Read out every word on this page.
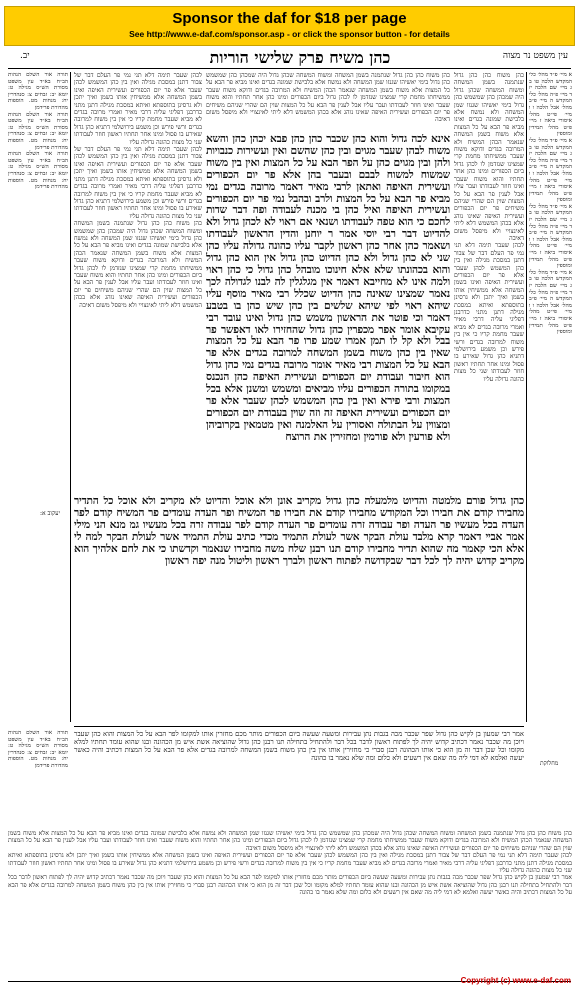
Sponsor the daf for $18 per page
See http://www.e-daf.com/sponsor.asp - or click the sponsor button - for details
כהן משיח פרק שלישי הוריות
יב.	עין משפט נר מצוה

תורה אור השלם הנהות הב״ח בא״ד עין משפט מסורת הש״ס מגילה ט: יומא יב: זבחים צ: סנהדרין יח: מנחות מט. הוספות מהדורת פרידמן

תורה אור השלם הנהות הב״ח בא״ד עין משפט מסורת הש״ס מגילה ט: יומא יב: זבחים צ: סנהדרין יח: מנחות מט. הוספות מהדורת פרידמן

תורה אור השלם הנהות הב״ח בא״ד עין משפט מסורת הש״ס מגילה ט: יומא יב: זבחים צ: סנהדרין יח: מנחות מט. הוספות מהדורת פרידמן

לכהן שעבר תימה דלא תני נמי פר העלם דבר של צבור דתנן במסכת מגילה ואין בין כהן המשמש לכהן שעבר אלא פר יום הכפורים ועשירית האיפה ואינו בשמן המשחה אלא ממשיחין אותו בשמן ואיך יתכן ולא גרסינן בתוספתא ואיתא במסכת מגילה דתנן מתני כדרבנן דפליגי עליה דרבי מאיר ואמרי מרובה בגדים לא מביא שעבר מחמת קריו כי אין בין משוח למרובה בגדים ורשי פירש וכן משמע בירושלמי דתניא כהן גדול שאירע בו פסול ומינו אחר תחתיו ראשון חוזר לעבודתו שני כל מצות כהונה גדולה עליו

לכהן שעבר תימה דלא תני נמי פר העלם דבר של צבור דתנן במסכת מגילה ואין בין כהן המשמש לכהן שעבר אלא פר יום הכפורים ועשירית האיפה ואינו בשמן המשחה אלא ממשיחין אותו בשמן ואיך יתכן ולא גרסינן בתוספתא ואיתא במסכת מגילה דתנן מתני כדרבנן דפליגי עליה דרבי מאיר ואמרי מרובה בגדים לא מביא שעבר מחמת קריו כי אין בין משוח למרובה בגדים ורשי פירש וכן משמע בירושלמי דתניא כהן גדול שאירע בו פסול ומינו אחר תחתיו ראשון חוזר לעבודתו שני כל מצות כהונה גדולה עליו

כהן משוח כהן כהן גדול שנתמנה בשמן המשחה ומשוח המשחה שכהן גדול היה שמכהן כהן שמשמש כהן גדול בימי יאשיהו שגנזו שמן המשחה ולא נמשח אלא בלבישת שמונה בגדים ואינו מביא פר הבא על כל המצות אלא משוח בשמן המשחה שנאמר הכהן המשיח ולא המרובה בגדים ודוקא משוח שעבר ממשיחתו מחמת קרי שמצינו שנזדמן לו לכהן גדול ביום הכפורים ומינו כהן אחר תחתיו והוא משוח שעבר ואינו חוזר לעבודתו ועבר עליו אבל לענין פר הבא על כל המצות שוין הם שהרי שניהם משיחים פר יום הכפורים ועשירית האיפה שאינו נוהג אלא בכהן המשמש דלא ליתי לאינצויי ולא מיפסל משום דאיבה

כהן משוח כהן כהן גדול שנתמנה בשמן המשחה ומשוח המשחה שכהן גדול היה שמכהן כהן שמשמש כהן גדול בימי יאשיהו שגנזו שמן המשחה ולא נמשח אלא בלבישת שמונה בגדים ואינו מביא פר הבא על כל המצות אלא משוח בשמן המשחה שנאמר הכהן המשיח ולא המרובה בגדים ודוקא משוח שעבר ממשיחתו מחמת קרי שמצינו שנזדמן לו לכהן גדול ביום הכפורים ומינו כהן אחר תחתיו והוא משוח שעבר ואינו חוזר לעבודתו ועבר עליו אבל לענין פר הבא על כל המצות שוין הם שהרי שניהם משיחים פר יום הכפורים ועשירית האיפה שאינו נוהג אלא בכהן המשמש דלא ליתי לאינצויי ולא מיפסל משום דאיבה

אינא לכה גדול והוא כהן שכבר כהן כהן פבא יכהן כהן והשא משוח לבהן שעבר מגוים ובין כהן שהשם ואין ועשירות כנבויות ולהן ובין מגוים כהן על הפר הבא על כל המצות ואין בין משוח שמשוח למשוח לבבם ובעבר בהן אלא פר יום הכפורים ועשירית האיפה ואתאן לרבי מאיר דאמר מרובה בגדים נמי מביא פר הבא על כל המצות ולרב ובהבל נמי פר יום הכפורים ועשירית האיפה ואיל כהן בי מכנה לעבודה ופה דבר שדות לחכם כי הוא טפה לעבודתו ושנאי אם ראוי לא לכהן גדול ולא להדיוט דבר רבי יוסי אמר ר יוחנן והדין הראשון לעבודתו ושאמר כהן אחר כהן ראשון לקבר עליו כהונה גדולה עליו כהן שני לא כהן גדול ולא כהן הדיוט כהן גדול אין הוא כהן גדול והוא בכהונתו שלא אלא חינוכו מובהל כהן גדול כי כהן ראוי ולמה אינו לא מחייבא דאמר אין מגלגלין לה לבנו לגדולה לכך נאמר שמצינו שאינה כהן הדיוט שכלל רבי מאיר מוסף עליו שיהא ראוי לפי שיהא שלשים בין כהן שיש כהן בו בטבע דאמר וכי פוטר את הראשון משמש כהן גדול ואינו עובד רבי עקיבא אומר אפר מכפרין כהן גדול שהחזירו לאו דאפשר פר בבל ולא קל לו תמן אמרו שמע פרו פר הבא על כל המצות שאין בין כהן משוח בשמן המשחה למרובה בגדים אלא פר הבא על כל המצות רבי מאיר אומר מרובה בגדים נמי כהן גדול הוא חיבור ועבודת יום הכפורים ועשירית האיפה כהן הנכנס במקומו בתורה הכפורים עליו מביאים ומשמש ומשנן אלא בכל המצות ורבי פירא ואין בין כהן המשמש לכהן שעבר אלא פר יום הכפורים ועשירית האיפה זה וזה שוין בעבודת יום הכפורים ומצווין על הבתולה ואסורין על האלמנה ואין מטמאין בקרוביהן ולא פורעין ולא פורמין ומחזירין את הרוצח

כהן משוח כהן כהן גדול שנתמנה בשמן המשחה ומשוח המשחה שכהן גדול היה שמכהן כהן שמשמש כהן גדול בימי יאשיהו שגנזו שמן המשחה ולא נמשח אלא בלבישת שמונה בגדים ואינו מביא פר הבא על כל המצות אלא משוח בשמן המשחה שנאמר הכהן המשיח ולא המרובה בגדים ודוקא משוח שעבר ממשיחתו מחמת קרי שמצינו שנזדמן לו לכהן גדול ביום הכפורים ומינו כהן אחר תחתיו והוא משוח שעבר ואינו חוזר לעבודתו ועבר עליו אבל לענין פר הבא על כל המצות שוין הם שהרי שניהם משיחים פר יום הכפורים ועשירית האיפה שאינו נוהג אלא בכהן המשמש דלא ליתי לאינצויי ולא מיפסל משום דאיבה

לכהן שעבר תימה דלא תני נמי פר העלם דבר של צבור דתנן במסכת מגילה ואין בין כהן המשמש לכהן שעבר אלא פר יום הכפורים ועשירית האיפה ואינו בשמן המשחה אלא ממשיחין אותו בשמן ואיך יתכן ולא גרסינן בתוספתא ואיתא במסכת מגילה דתנן מתני כדרבנן דפליגי עליה דרבי מאיר ואמרי מרובה בגדים לא מביא שעבר מחמת קריו כי אין בין משוח למרובה בגדים ורשי פירש וכן משמע בירושלמי דתניא כהן גדול שאירע בו פסול ומינו אחר תחתיו ראשון חוזר לעבודתו שני כל מצות כהונה גדולה עליו

א מיי׳ פ״ד מהל׳ כלי המקדש הלכה טו ב ג מיי׳ שם הלכה יז ד מיי׳ פ״ה מהל׳ כלי המקדש ה מיי׳ פ״ב מהל׳ אבל הלכה ו ו מיי׳ פי״ט מהל׳ איסורי ביאה ז מיי׳ פ״ט מהל׳ תמידין ומוספין

א מיי׳ פ״ד מהל׳ כלי המקדש הלכה טו ב ג מיי׳ שם הלכה יז ד מיי׳ פ״ה מהל׳ כלי המקדש ה מיי׳ פ״ב מהל׳ אבל הלכה ו ו מיי׳ פי״ט מהל׳ איסורי ביאה ז מיי׳ פ״ט מהל׳ תמידין ומוספין

א מיי׳ פ״ד מהל׳ כלי המקדש הלכה טו ב ג מיי׳ שם הלכה יז ד מיי׳ פ״ה מהל׳ כלי המקדש ה מיי׳ פ״ב מהל׳ אבל הלכה ו ו מיי׳ פי״ט מהל׳ איסורי ביאה ז מיי׳ פ״ט מהל׳ תמידין ומוספין

א מיי׳ פ״ד מהל׳ כלי המקדש הלכה טו ב ג מיי׳ שם הלכה יז ד מיי׳ פ״ה מהל׳ כלי המקדש ה מיי׳ פ״ב מהל׳ אבל הלכה ו ו מיי׳ פי״ט מהל׳ איסורי ביאה ז מיי׳ פ״ט מהל׳ תמידין ומוספין

כהן גדול פורם מלמטה והדיוט מלמעלה כהן גדול מקריב אונן ולא אוכל והדיוט לא מקריב ולא אוכל כל התדיר מחבירו קודם את חבירו וכל המקודש מחבירו קודם את חבירו פר המשיח ופר העדה עומדים פר המשיח קודם לפר העדה בכל מעשיו פר העדה ופר עבודה זרה עומדים פר העדה קודם לפר עבודה זרה בכל מעשיו גמ מנא הני מילי אמר אביי דאמר קרא מלבד עולת הבקר אשר לעולת התמיד מכדי כתיב עולת התמיד אשר לעולת הבקר למה לי אלא הכי קאמר מה שהוא תדיר מחבירו קודם תנו רבנן שלח משה מחבירו שנאמר וקדשתו כי את לחם אלהיך הוא מקריב קדוש יהיה לך לכל דבר שבקדושה לפתוח ראשון ולברך ראשון וליטול מנה יפה ראשון

יעקוב א:
מחלוקת

תורה אור השלם הנהות הב״ח בא״ד עין משפט מסורת הש״ס מגילה ט: יומא יב: זבחים צ: סנהדרין יח: מנחות מט. הוספות מהדורת פרידמן

אמר רבי שמעון בן לקיש כהן גדול שפר שכבר מכה בגבות נתן עבירות ומשעה שעשה ביום הכפורים מותר מכם מחזרין אותו למקומו לפר הבא על כל המצות והוא כהן שעבר ויוכן מה שכבר נאמר דכתיב קדוש יהיה לך לפתוח ראשון לדבר בכל דבר ולהתחיל בתחילה תנו רבנן כהן גדול שהוציאה אשת איש מן הכהונה ובנו שהוא עומד תחתיו למלא מקומו וכל שכן דבר זה מן הוא כי אותו הכהונה רבנן סברי כי מחזירין אותו אין בין כהן משוח בשמן המשחה למרובה בגדים אלא פר הבא על כל המצות דכתיב והיה כאשר יעשה ואלמא לא דמי ליה מה שאם אין רשעים ולא כלום ומה שלא נאמר בו כהונה

כהן משוח כהן כהן גדול שנתמנה בשמן המשחה ומשוח המשחה שכהן גדול היה שמכהן כהן שמשמש כהן גדול בימי יאשיהו שגנזו שמן המשחה ולא נמשח אלא בלבישת שמונה בגדים ואינו מביא פר הבא על כל המצות אלא משוח בשמן המשחה שנאמר הכהן המשיח ולא המרובה בגדים ודוקא משוח שעבר ממשיחתו מחמת קרי שמצינו שנזדמן לו לכהן גדול ביום הכפורים ומינו כהן אחר תחתיו והוא משוח שעבר ואינו חוזר לעבודתו ועבר עליו אבל לענין פר הבא על כל המצות שוין הם שהרי שניהם משיחים פר יום הכפורים ועשירית האיפה שאינו נוהג אלא בכהן המשמש דלא ליתי לאינצויי ולא מיפסל משום דאיבה

לכהן שעבר תימה דלא תני נמי פר העלם דבר של צבור דתנן במסכת מגילה ואין בין כהן המשמש לכהן שעבר אלא פר יום הכפורים ועשירית האיפה ואינו בשמן המשחה אלא ממשיחין אותו בשמן ואיך יתכן ולא גרסינן בתוספתא ואיתא במסכת מגילה דתנן מתני כדרבנן דפליגי עליה דרבי מאיר ואמרי מרובה בגדים לא מביא שעבר מחמת קריו כי אין בין משוח למרובה בגדים ורשי פירש וכן משמע בירושלמי דתניא כהן גדול שאירע בו פסול ומינו אחר תחתיו ראשון חוזר לעבודתו שני כל מצות כהונה גדולה עליו

אמר רבי שמעון בן לקיש כהן גדול שפר שכבר מכה בגבות נתן עבירות ומשעה שעשה ביום הכפורים מותר מכם מחזרין אותו למקומו לפר הבא על כל המצות והוא כהן שעבר ויוכן מה שכבר נאמר דכתיב קדוש יהיה לך לפתוח ראשון לדבר בכל דבר ולהתחיל בתחילה תנו רבנן כהן גדול שהוציאה אשת איש מן הכהונה ובנו שהוא עומד תחתיו למלא מקומו וכל שכן דבר זה מן הוא כי אותו הכהונה רבנן סברי כי מחזירין אותו אין בין כהן משוח בשמן המשחה למרובה בגדים אלא פר הבא על כל המצות דכתיב והיה כאשר יעשה ואלמא לא דמי ליה מה שאם אין רשעים ולא כלום ומה שלא נאמר בו כהונה

Copyright (c) www.e-daf.com
